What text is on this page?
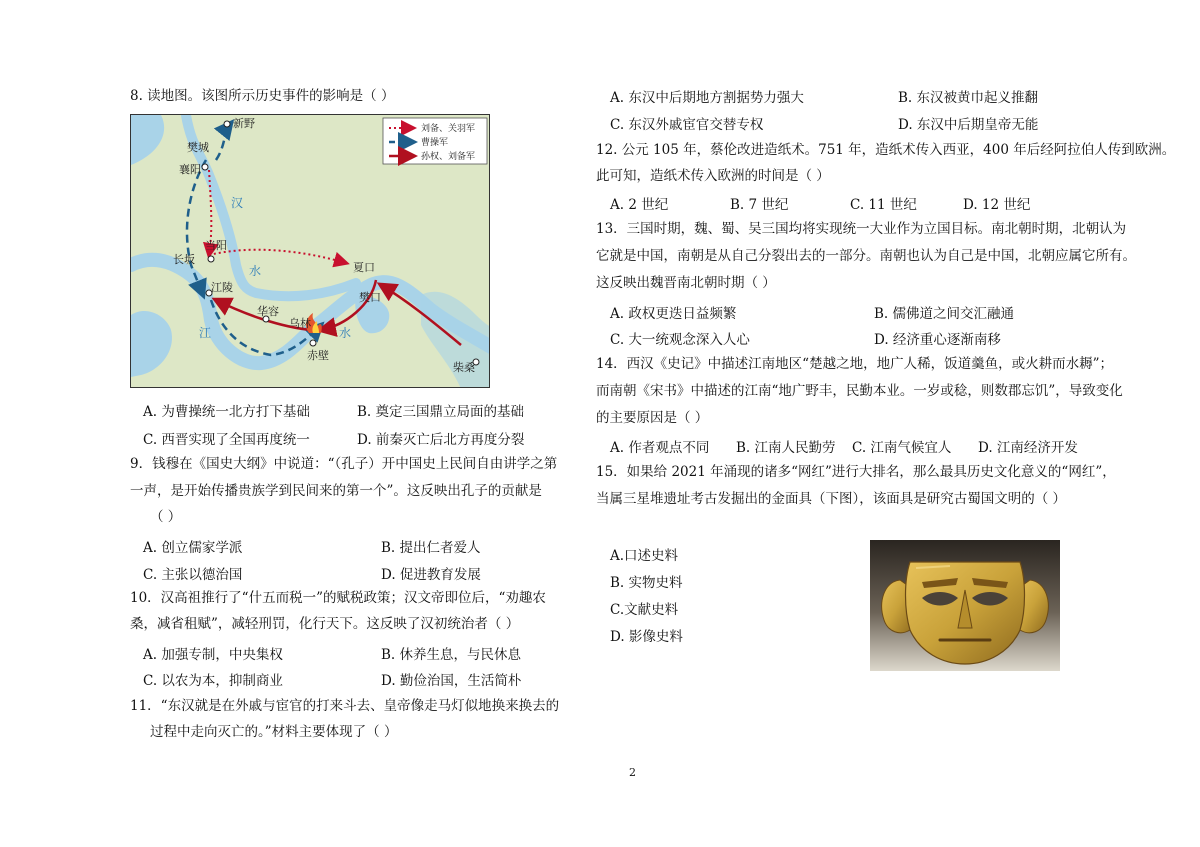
8. 读地图。该图所示历史事件的影响是（ ）
新野
樊城
襄阳
当阳
长坂
江陵
华容
乌林
赤壁
夏口
樊口
柴桑
汉
水
江	水
刘备、关羽军
曹操军
孙权、刘备军
A. 为曹操统一北方打下基础	B. 奠定三国鼎立局面的基础
C. 西晋实现了全国再度统一	D. 前秦灭亡后北方再度分裂
9．钱穆在《国史大纲》中说道：“（孔子）开中国史上民间自由讲学之第
一声，是开始传播贵族学到民间来的第一个”。这反映出孔子的贡献是
（ ）
A. 创立儒家学派	B. 提出仁者爱人
C. 主张以德治国	D. 促进教育发展
10．汉高祖推行了“什五而税一”的赋税政策；汉文帝即位后，“劝趣农
桑，减省租赋”，减轻刑罚，化行天下。这反映了汉初统治者（ ）
A. 加强专制，中央集权	B. 休养生息，与民休息
C. 以农为本，抑制商业	D. 勤俭治国，生活简朴
11．“东汉就是在外戚与宦官的打来斗去、皇帝像走马灯似地换来换去的
过程中走向灭亡的。”材料主要体现了（ ）
A. 东汉中后期地方割据势力强大	B. 东汉被黄巾起义推翻
C. 东汉外戚宦官交替专权	D. 东汉中后期皇帝无能
12. 公元 105 年，蔡伦改进造纸术。751 年，造纸术传入西亚，400 年后经阿拉伯人传到欧洲。
此可知，造纸术传入欧洲的时间是（ ）
A. 2 世纪	B. 7 世纪	C. 11 世纪	D. 12 世纪
13．三国时期，魏、蜀、吴三国均将实现统一大业作为立国目标。南北朝时期，北朝认为
它就是中国，南朝是从自己分裂出去的一部分。南朝也认为自己是中国，北朝应属它所有。
这反映出魏晋南北朝时期（ ）
A. 政权更迭日益频繁	B. 儒佛道之间交汇融通
C. 大一统观念深入人心	D. 经济重心逐渐南移
14．西汉《史记》中描述江南地区“楚越之地，地广人稀，饭道羹鱼，或火耕而水耨”；
而南朝《宋书》中描述的江南“地广野丰，民勤本业。一岁或稔，则数郡忘饥”，导致变化
的主要原因是（ ）
A. 作者观点不同 B. 江南人民勤劳 C. 江南气候宜人 D. 江南经济开发
15．如果给 2021 年涌现的诸多“网红”进行大排名，那么最具历史文化意义的“网红”，
当属三星堆遗址考古发掘出的金面具（下图），该面具是研究古蜀国文明的（ ）
A.口述史料
B. 实物史料
C.文献史料
D. 影像史料
2
